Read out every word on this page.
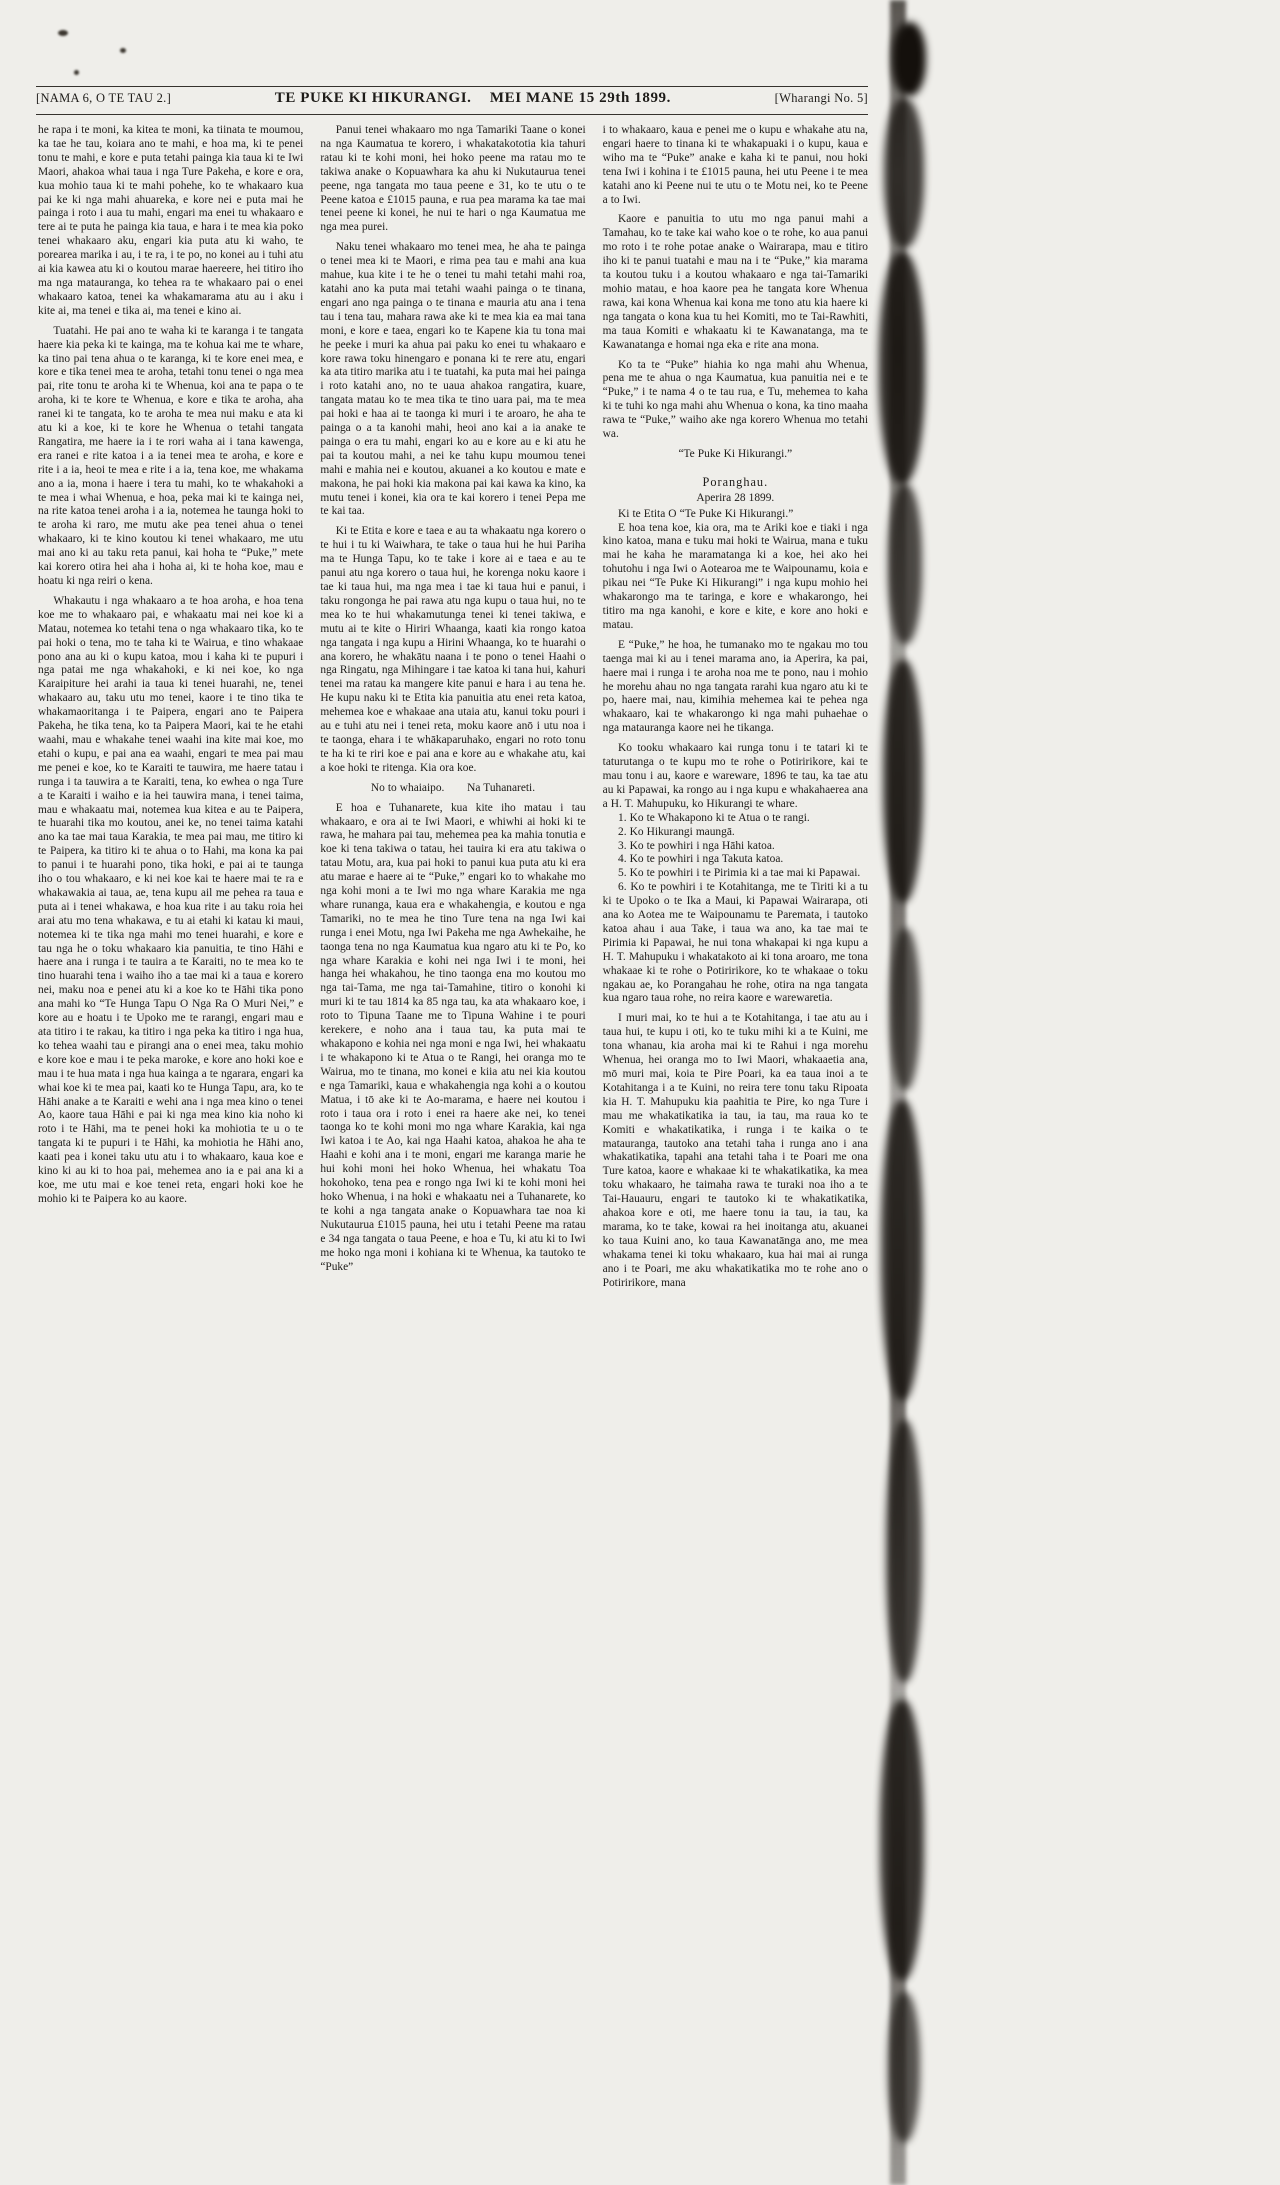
[NAMA 6, O TE TAU 2.]	TE PUKE KI HIKURANGI. MEI MANE 15 29th 1899.	[Wharangi No. 5]

he rapa i te moni, ka kitea te moni, ka tiinata te moumou, ka tae he tau, koiara ano te mahi, e hoa ma, ki te penei tonu te mahi, e kore e puta tetahi painga kia taua ki te Iwi Maori, ahakoa whai taua i nga Ture Pakeha, e kore e ora, kua mohio taua ki te mahi pohehe, ko te whakaaro kua pai ke ki nga mahi ahuareka, e kore nei e puta mai he painga i roto i aua tu mahi, engari ma enei tu whakaaro e tere ai te puta he painga kia taua, e hara i te mea kia poko tenei whakaaro aku, engari kia puta atu ki waho, te porearea marika i au, i te ra, i te po, no konei au i tuhi atu ai kia kawea atu ki o koutou marae haereere, hei titiro iho ma nga matauranga, ko tehea ra te whakaaro pai o enei whakaaro katoa, tenei ka whakamarama atu au i aku i kite ai, ma tenei e tika ai, ma tenei e kino ai.

Tuatahi. He pai ano te waha ki te karanga i te tangata haere kia peka ki te kainga, ma te kohua kai me te whare, ka tino pai tena ahua o te karanga, ki te kore enei mea, e kore e tika tenei mea te aroha, tetahi tonu tenei o nga mea pai, rite tonu te aroha ki te Whenua, koi ana te papa o te aroha, ki te kore te Whenua, e kore e tika te aroha, aha ranei ki te tangata, ko te aroha te mea nui maku e ata ki atu ki a koe, ki te kore he Whenua o tetahi tangata Rangatira, me haere ia i te rori waha ai i tana kawenga, era ranei e rite katoa i a ia tenei mea te aroha, e kore e rite i a ia, heoi te mea e rite i a ia, tena koe, me whakama ano a ia, mona i haere i tera tu mahi, ko te whakahoki a te mea i whai Whenua, e hoa, peka mai ki te kainga nei, na rite katoa tenei aroha i a ia, notemea he taunga hoki to te aroha ki raro, me mutu ake pea tenei ahua o tenei whakaaro, ki te kino koutou ki tenei whakaaro, me utu mai ano ki au taku reta panui, kai hoha te “Puke,” mete kai korero otira hei aha i hoha ai, ki te hoha koe, mau e hoatu ki nga reiri o kena.

Whakautu i nga whakaaro a te hoa aroha, e hoa tena koe me to whakaaro pai, e whakaatu mai nei koe ki a Matau, notemea ko tetahi tena o nga whakaaro tika, ko te pai hoki o tena, mo te taha ki te Wairua, e tino whakaae pono ana au ki o kupu katoa, mou i kaha ki te pupuri i nga patai me nga whakahoki, e ki nei koe, ko nga Karaipiture hei arahi ia taua ki tenei huarahi, ne, tenei whakaaro au, taku utu mo tenei, kaore i te tino tika te whakamaoritanga i te Paipera, engari ano te Paipera Pakeha, he tika tena, ko ta Paipera Maori, kai te he etahi waahi, mau e whakahe tenei waahi ina kite mai koe, mo etahi o kupu, e pai ana ea waahi, engari te mea pai mau me penei e koe, ko te Karaiti te tauwira, me haere tatau i runga i ta tauwira a te Karaiti, tena, ko ewhea o nga Ture a te Karaiti i waiho e ia hei tauwira mana, i tenei taima, mau e whakaatu mai, notemea kua kitea e au te Paipera, te huarahi tika mo koutou, anei ke, no tenei taima katahi ano ka tae mai taua Karakia, te mea pai mau, me titiro ki te Paipera, ka titiro ki te ahua o to Hahi, ma kona ka pai to panui i te huarahi pono, tika hoki, e pai ai te taunga iho o tou whakaaro, e ki nei koe kai te haere mai te ra e whakawakia ai taua, ae, tena kupu ail me pehea ra taua e puta ai i tenei whakawa, e hoa kua rite i au taku roia hei arai atu mo tena whakawa, e tu ai etahi ki katau ki maui, notemea ki te tika nga mahi mo tenei huarahi, e kore e tau nga he o toku whakaaro kia panuitia, te tino Hāhi e haere ana i runga i te tauira a te Karaiti, no te mea ko te tino huarahi tena i waiho iho a tae mai ki a taua e korero nei, maku noa e penei atu ki a koe ko te Hāhi tika pono ana mahi ko “Te Hunga Tapu O Nga Ra O Muri Nei,” e kore au e hoatu i te Upoko me te rarangi, engari mau e ata titiro i te rakau, ka titiro i nga peka ka titiro i nga hua, ko tehea waahi tau e pirangi ana o enei mea, taku mohio e kore koe e mau i te peka maroke, e kore ano hoki koe e mau i te hua mata i nga hua kainga a te ngarara, engari ka whai koe ki te mea pai, kaati ko te Hunga Tapu, ara, ko te Hāhi anake a te Karaiti e wehi ana i nga mea kino o tenei Ao, kaore taua Hāhi e pai ki nga mea kino kia noho ki roto i te Hāhi, ma te penei hoki ka mohiotia te u o te tangata ki te pupuri i te Hāhi, ka mohiotia he Hāhi ano, kaati pea i konei taku utu atu i to whakaaro, kaua koe e kino ki au ki to hoa pai, mehemea ano ia e pai ana ki a koe, me utu mai e koe tenei reta, engari hoki koe he mohio ki te Paipera ko au kaore.

Panui tenei whakaaro mo nga Tamariki Taane o konei na nga Kaumatua te korero, i whakatakototia kia tahuri ratau ki te kohi moni, hei hoko peene ma ratau mo te takiwa anake o Kopuawhara ka ahu ki Nukutaurua tenei peene, nga tangata mo taua peene e 31, ko te utu o te Peene katoa e £1015 pauna, e rua pea marama ka tae mai tenei peene ki konei, he nui te hari o nga Kaumatua me nga mea purei.

Naku tenei whakaaro mo tenei mea, he aha te painga o tenei mea ki te Maori, e rima pea tau e mahi ana kua mahue, kua kite i te he o tenei tu mahi tetahi mahi roa, katahi ano ka puta mai tetahi waahi painga o te tinana, engari ano nga painga o te tinana e mauria atu ana i tena tau i tena tau, mahara rawa ake ki te mea kia ea mai tana moni, e kore e taea, engari ko te Kapene kia tu tona mai he peeke i muri ka ahua pai paku ko enei tu whakaaro e kore rawa toku hinengaro e ponana ki te rere atu, engari ka ata titiro marika atu i te tuatahi, ka puta mai hei painga i roto katahi ano, no te uaua ahakoa rangatira, kuare, tangata matau ko te mea tika te tino uara pai, ma te mea pai hoki e haa ai te taonga ki muri i te aroaro, he aha te painga o a ta kanohi mahi, heoi ano kai a ia anake te painga o era tu mahi, engari ko au e kore au e ki atu he pai ta koutou mahi, a nei ke tahu kupu moumou tenei mahi e mahia nei e koutou, akuanei a ko koutou e mate e makona, he pai hoki kia makona pai kai kawa ka kino, ka mutu tenei i konei, kia ora te kai korero i tenei Pepa me te kai taa.

Ki te Etita e kore e taea e au ta whakaatu nga korero o te hui i tu ki Waiwhara, te take o taua hui he hui Pariha ma te Hunga Tapu, ko te take i kore ai e taea e au te panui atu nga korero o taua hui, he korenga noku kaore i tae ki taua hui, ma nga mea i tae ki taua hui e panui, i taku rongonga he pai rawa atu nga kupu o taua hui, no te mea ko te hui whakamutunga tenei ki tenei takiwa, e mutu ai te kite o Hiriri Whaanga, kaati kia rongo katoa nga tangata i nga kupu a Hirini Whaanga, ko te huarahi o ana korero, he whakātu naana i te pono o tenei Haahi o nga Ringatu, nga Mihingare i tae katoa ki tana hui, kahuri tenei ma ratau ka mangere kite panui e hara i au tena he. He kupu naku ki te Etita kia panuitia atu enei reta katoa, mehemea koe e whakaae ana utaia atu, kanui toku pouri i au e tuhi atu nei i tenei reta, moku kaore anō i utu noa i te taonga, ehara i te whākaparuhako, engari no roto tonu te ha ki te riri koe e pai ana e kore au e whakahe atu, kai a koe hoki te ritenga. Kia ora koe.

No to whaiaipo.  Na Tuhanareti.

E hoa e Tuhanarete, kua kite iho matau i tau whakaaro, e ora ai te Iwi Maori, e whiwhi ai hoki ki te rawa, he mahara pai tau, mehemea pea ka mahia tonutia e koe ki tena takiwa o tatau, hei tauira ki era atu takiwa o tatau Motu, ara, kua pai hoki to panui kua puta atu ki era atu marae e haere ai te “Puke,” engari ko to whakahe mo nga kohi moni a te Iwi mo nga whare Karakia me nga whare runanga, kaua era e whakahengia, e koutou e nga Tamariki, no te mea he tino Ture tena na nga Iwi kai runga i enei Motu, nga Iwi Pakeha me nga Awhekaihe, he taonga tena no nga Kaumatua kua ngaro atu ki te Po, ko nga whare Karakia e kohi nei nga Iwi i te moni, hei hanga hei whakahou, he tino taonga ena mo koutou mo nga tai-Tama, me nga tai-Tamahine, titiro o konohi ki muri ki te tau 1814 ka 85 nga tau, ka ata whakaaro koe, i roto to Tipuna Taane me to Tipuna Wahine i te pouri kerekere, e noho ana i taua tau, ka puta mai te whakapono e kohia nei nga moni e nga Iwi, hei whakaatu i te whakapono ki te Atua o te Rangi, hei oranga mo te Wairua, mo te tinana, mo konei e kiia atu nei kia koutou e nga Tamariki, kaua e whakahengia nga kohi a o koutou Matua, i tō ake ki te Ao-marama, e haere nei koutou i roto i taua ora i roto i enei ra haere ake nei, ko tenei taonga ko te kohi moni mo nga whare Karakia, kai nga Iwi katoa i te Ao, kai nga Haahi katoa, ahakoa he aha te Haahi e kohi ana i te moni, engari me karanga marie he hui kohi moni hei hoko Whenua, hei whakatu Toa hokohoko, tena pea e rongo nga Iwi ki te kohi moni hei hoko Whenua, i na hoki e whakaatu nei a Tuhanarete, ko te kohi a nga tangata anake o Kopuawhara tae noa ki Nukutaurua £1015 pauna, hei utu i tetahi Peene ma ratau e 34 nga tangata o taua Peene, e hoa e Tu, ki atu ki to Iwi me hoko nga moni i kohiana ki te Whenua, ka tautoko te “Puke”

i to whakaaro, kaua e penei me o kupu e whakahe atu na, engari haere to tinana ki te whakapuaki i o kupu, kaua e wiho ma te “Puke” anake e kaha ki te panui, nou hoki tena Iwi i kohina i te £1015 pauna, hei utu Peene i te mea katahi ano ki Peene nui te utu o te Motu nei, ko te Peene a to Iwi.

Kaore e panuitia to utu mo nga panui mahi a Tamahau, ko te take kai waho koe o te rohe, ko aua panui mo roto i te rohe potae anake o Wairarapa, mau e titiro iho ki te panui tuatahi e mau na i te “Puke,” kia marama ta koutou tuku i a koutou whakaaro e nga tai-Tamariki mohio matau, e hoa kaore pea he tangata kore Whenua rawa, kai kona Whenua kai kona me tono atu kia haere ki nga tangata o kona kua tu hei Komiti, mo te Tai-Rawhiti, ma taua Komiti e whakaatu ki te Kawanatanga, ma te Kawanatanga e homai nga eka e rite ana mona.

Ko ta te “Puke” hiahia ko nga mahi ahu Whenua, pena me te ahua o nga Kaumatua, kua panuitia nei e te “Puke,” i te nama 4 o te tau rua, e Tu, mehemea to kaha ki te tuhi ko nga mahi ahu Whenua o kona, ka tino maaha rawa te “Puke,” waiho ake nga korero Whenua mo tetahi wa.

“Te Puke Ki Hikurangi.”

Poranghau.

Aperira 28 1899.

Ki te Etita O “Te Puke Ki Hikurangi.”

E hoa tena koe, kia ora, ma te Ariki koe e tiaki i nga kino katoa, mana e tuku mai hoki te Wairua, mana e tuku mai he kaha he maramatanga ki a koe, hei ako hei tohutohu i nga Iwi o Aotearoa me te Waipounamu, koia e pikau nei “Te Puke Ki Hikurangi” i nga kupu mohio hei whakarongo ma te taringa, e kore e whakarongo, hei titiro ma nga kanohi, e kore e kite, e kore ano hoki e matau.

E “Puke,” he hoa, he tumanako mo te ngakau mo tou taenga mai ki au i tenei marama ano, ia Aperira, ka pai, haere mai i runga i te aroha noa me te pono, nau i mohio he morehu ahau no nga tangata rarahi kua ngaro atu ki te po, haere mai, nau, kimihia mehemea kai te pehea nga whakaaro, kai te whakarongo ki nga mahi puhaehae o nga matauranga kaore nei he tikanga.

Ko tooku whakaaro kai runga tonu i te tatari ki te taturutanga o te kupu mo te rohe o Potiririkore, kai te mau tonu i au, kaore e wareware, 1896 te tau, ka tae atu au ki Papawai, ka rongo au i nga kupu e whakahaerea ana a H. T. Mahupuku, ko Hikurangi te whare.

1. Ko te Whakapono ki te Atua o te rangi.

2. Ko Hikurangi maungā.

3. Ko te powhiri i nga Hāhi katoa.

4. Ko te powhiri i nga Takuta katoa.

5. Ko te powhiri i te Pirimia ki a tae mai ki Papawai.

6. Ko te powhiri i te Kotahitanga, me te Tiriti ki a tu ki te Upoko o te Ika a Maui, ki Papawai Wairarapa, oti ana ko Aotea me te Waipounamu te Paremata, i tautoko katoa ahau i aua Take, i taua wa ano, ka tae mai te Pirimia ki Papawai, he nui tona whakapai ki nga kupu a H. T. Mahupuku i whakatakoto ai ki tona aroaro, me tona whakaae ki te rohe o Potiririkore, ko te whakaae o toku ngakau ae, ko Porangahau he rohe, otira na nga tangata kua ngaro taua rohe, no reira kaore e warewaretia.

I muri mai, ko te hui a te Kotahitanga, i tae atu au i taua hui, te kupu i oti, ko te tuku mihi ki a te Kuini, me tona whanau, kia aroha mai ki te Rahui i nga morehu Whenua, hei oranga mo to Iwi Maori, whakaaetia ana, mō muri mai, koia te Pire Poari, ka ea taua inoi a te Kotahitanga i a te Kuini, no reira tere tonu taku Ripoata kia H. T. Mahupuku kia paahitia te Pire, ko nga Ture i mau me whakatikatika ia tau, ia tau, ma raua ko te Komiti e whakatikatika, i runga i te kaika o te matauranga, tautoko ana tetahi taha i runga ano i ana whakatikatika, tapahi ana tetahi taha i te Poari me ona Ture katoa, kaore e whakaae ki te whakatikatika, ka mea toku whakaaro, he taimaha rawa te turaki noa iho a te Tai-Hauauru, engari te tautoko ki te whakatikatika, ahakoa kore e oti, me haere tonu ia tau, ia tau, ka marama, ko te take, kowai ra hei inoitanga atu, akuanei ko taua Kuini ano, ko taua Kawanatānga ano, me mea whakama tenei ki toku whakaaro, kua hai mai ai runga ano i te Poari, me aku whakatikatika mo te rohe ano o Potiririkore, mana
